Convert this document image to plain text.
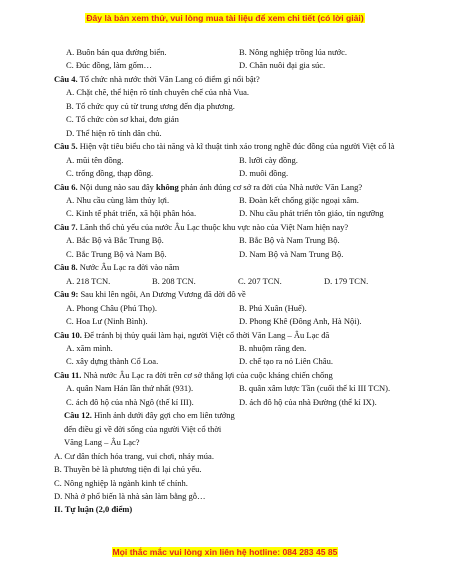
Đây là bản xem thử, vui lòng mua tài liệu để xem chi tiết (có lời giải)
A. Buôn bán qua đường biển.	B. Nông nghiệp trồng lúa nước.
C. Đúc đồng, làm gốm…	D. Chăn nuôi đại gia súc.
Câu 4. Tổ chức nhà nước thời Văn Lang có điểm gì nổi bật?
A. Chặt chẽ, thể hiện rõ tính chuyên chế của nhà Vua.
B. Tổ chức quy củ từ trung ương đến địa phương.
C. Tổ chức còn sơ khai, đơn giản
D. Thể hiện rõ tính dân chủ.
Câu 5. Hiện vật tiêu biểu cho tài năng và kĩ thuật tinh xảo trong nghề đúc đồng của người Việt cổ là
A. mũi tên đồng.	B. lưỡi cày đồng.
C. trống đồng, thạp đồng.	D. muôi đồng.
Câu 6. Nội dung nào sau đây không phản ánh đúng cơ sở ra đời của Nhà nước Văn Lang?
A. Nhu cầu cùng làm thủy lợi.	B. Đoàn kết chống giặc ngoại xâm.
C. Kinh tế phát triển, xã hội phân hóa.	D. Nhu cầu phát triển tôn giáo, tín ngưỡng
Câu 7. Lãnh thổ chủ yếu của nước Âu Lạc thuộc khu vực nào của Việt Nam hiện nay?
A. Bắc Bộ và Bắc Trung Bộ.	B. Bắc Bộ và Nam Trung Bộ.
C. Bắc Trung Bộ và Nam Bộ.	D. Nam Bộ và Nam Trung Bộ.
Câu 8. Nước Âu Lạc ra đời vào năm
A. 218 TCN.	B. 208 TCN.	C. 207 TCN.	D. 179 TCN.
Câu 9: Sau khi lên ngôi, An Dương Vương đã dời đô về
A. Phong Châu (Phú Thọ).	B. Phú Xuân (Huế).
C. Hoa Lư (Ninh Bình).	D. Phong Khê (Đông Anh, Hà Nội).
Câu 10. Để tránh bị thủy quái làm hại, người Việt cổ thời Văn Lang – Âu Lạc đã
A. xăm mình.	B. nhuộm răng đen.
C. xây dựng thành Cổ Loa.	D. chế tạo ra nỏ Liên Châu.
Câu 11. Nhà nước Âu Lạc ra đời trên cơ sở thắng lợi của cuộc kháng chiến chống
A. quân Nam Hán lần thứ nhất (931).	B. quân xâm lược Tần (cuối thế kỉ III TCN).
C. ách đô hộ của nhà Ngô (thế kỉ III).	D. ách đô hộ của nhà Đường (thế kỉ IX).
Câu 12. Hình ảnh dưới đây gợi cho em liên tưởng đến điều gì về đời sống của người Việt cổ thời Văng Lang – Âu Lạc?
A. Cư dân thích hóa trang, vui chơi, nhảy múa.
B. Thuyền bè là phương tiện đi lại chủ yếu.
C. Nông nghiệp là ngành kinh tế chính.
D. Nhà ở phổ biến là nhà sàn làm bằng gỗ…
II. Tự luận (2,0 điểm)
Mọi thắc mắc vui lòng xin liên hệ hotline: 084 283 45 85
